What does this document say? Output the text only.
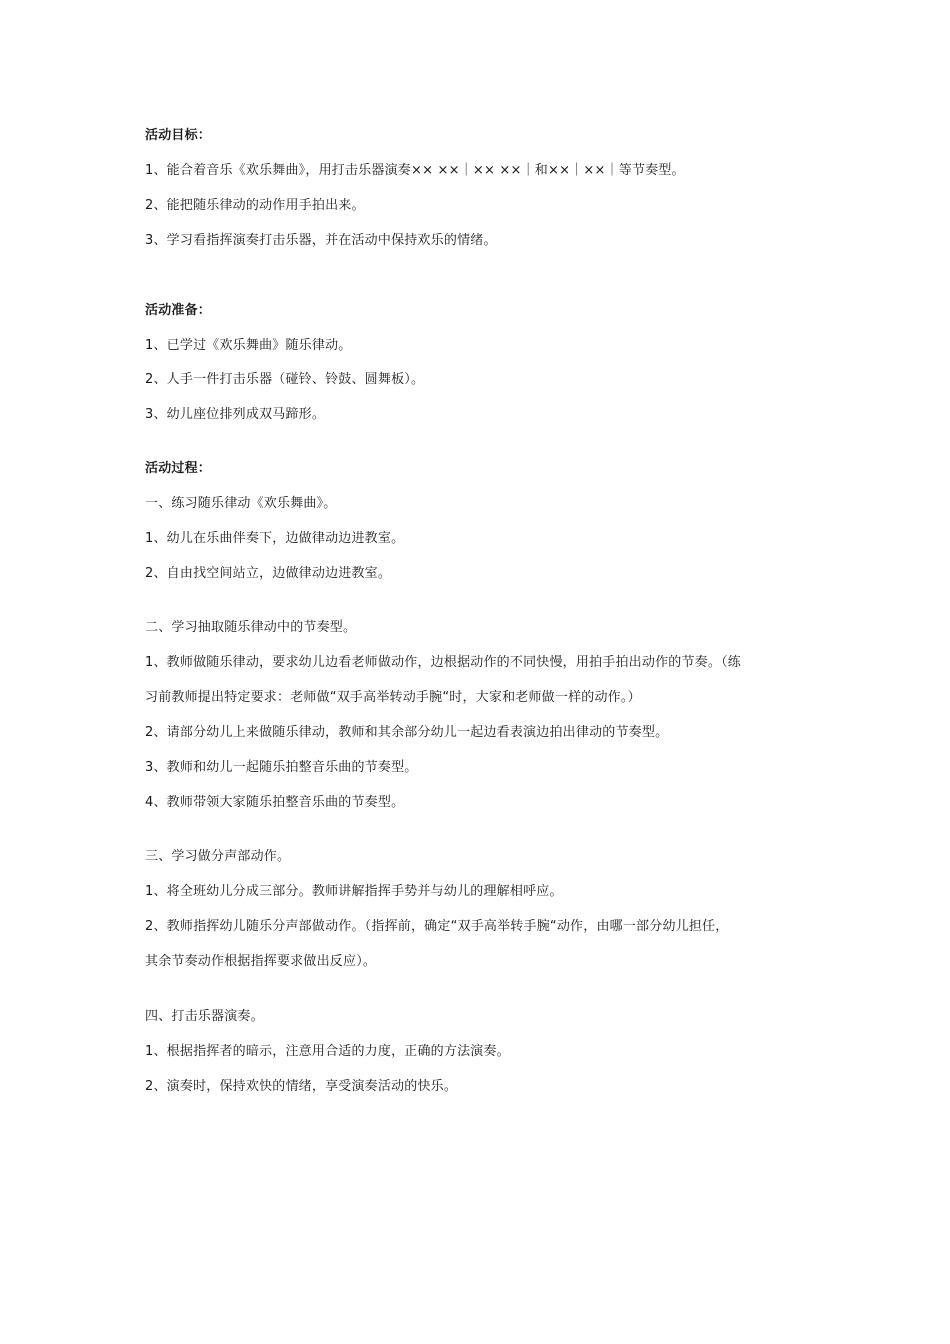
活动目标：
1、能合着音乐《欢乐舞曲》，用打击乐器演奏×× ××｜×× ××｜和××｜××｜等节奏型。
2、能把随乐律动的动作用手拍出来。
3、学习看指挥演奏打击乐器，并在活动中保持欢乐的情绪。
活动准备：
1、已学过《欢乐舞曲》随乐律动。
2、人手一件打击乐器（碰铃、铃鼓、圆舞板）。
3、幼儿座位排列成双马蹄形。
活动过程：
一、练习随乐律动《欢乐舞曲》。
1、幼儿在乐曲伴奏下，边做律动边进教室。
2、自由找空间站立，边做律动边进教室。
二、学习抽取随乐律动中的节奏型。
1、教师做随乐律动，要求幼儿边看老师做动作，边根据动作的不同快慢，用拍手拍出动作的节奏。（练
习前教师提出特定要求：老师做“双手高举转动手腕“时，大家和老师做一样的动作。）
2、请部分幼儿上来做随乐律动，教师和其余部分幼儿一起边看表演边拍出律动的节奏型。
3、教师和幼儿一起随乐拍整音乐曲的节奏型。
4、教师带领大家随乐拍整音乐曲的节奏型。
三、学习做分声部动作。
1、将全班幼儿分成三部分。教师讲解指挥手势并与幼儿的理解相呼应。
2、教师指挥幼儿随乐分声部做动作。（指挥前，确定“双手高举转手腕“动作，由哪一部分幼儿担任，
其余节奏动作根据指挥要求做出反应）。
四、打击乐器演奏。
1、根据指挥者的暗示，注意用合适的力度，正确的方法演奏。
2、演奏时，保持欢快的情绪，享受演奏活动的快乐。
